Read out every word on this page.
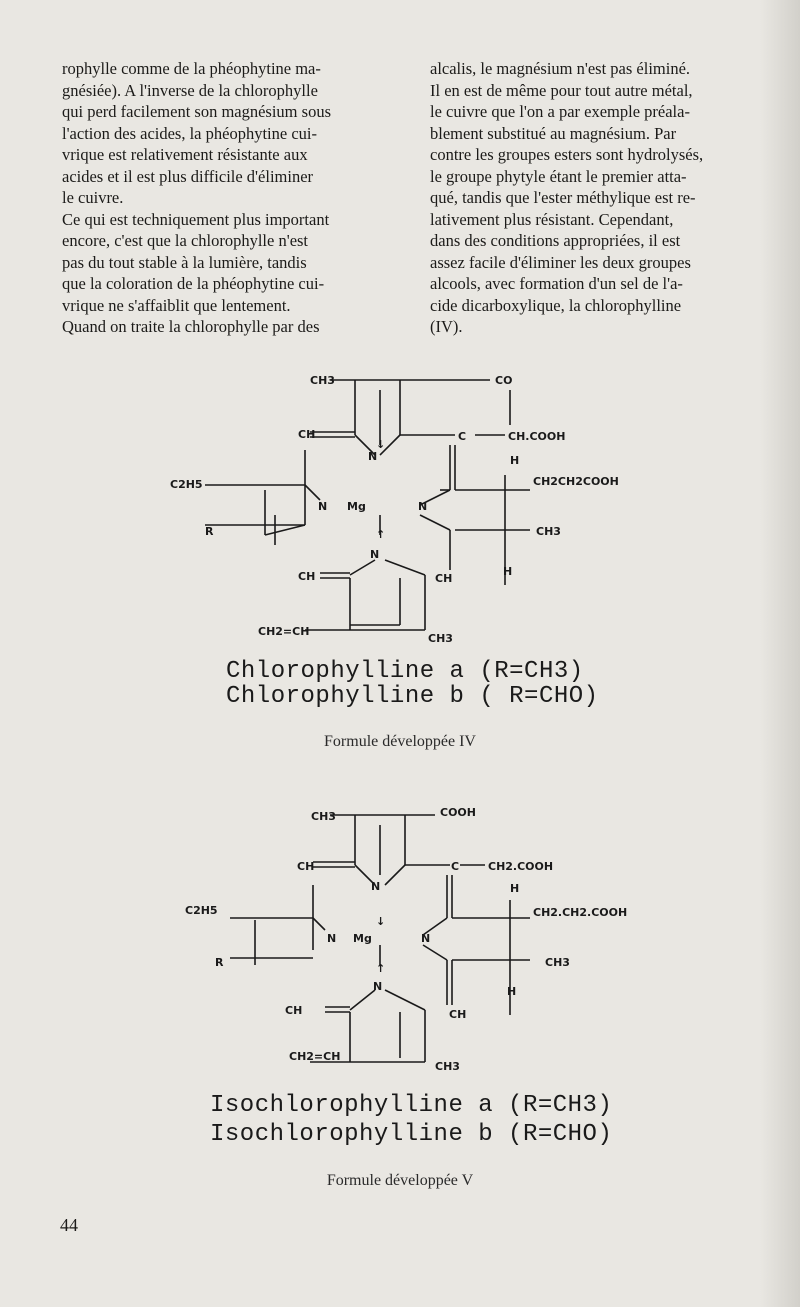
rophylle comme de la phéophytine ma-

gnésiée). A l'inverse de la chlorophylle

qui perd facilement son magnésium sous

l'action des acides, la phéophytine cui-

vrique est relativement résistante aux

acides et il est plus difficile d'éliminer

le cuivre.

Ce qui est techniquement plus important

encore, c'est que la chlorophylle n'est

pas du tout stable à la lumière, tandis

que la coloration de la phéophytine cui-

vrique ne s'affaiblit que lentement.

Quand on traite la chlorophylle par des

alcalis, le magnésium n'est pas éliminé.

Il en est de même pour tout autre métal,

le cuivre que l'on a par exemple préala-

blement substitué au magnésium. Par

contre les groupes esters sont hydrolysés,

le groupe phytyle étant le premier atta-

qué, tandis que l'ester méthylique est re-

lativement plus résistant. Cependant,

dans des conditions appropriées, il est

assez facile d'éliminer les deux groupes

alcools, avec formation d'un sel de l'a-

cide dicarboxylique, la chlorophylline

(IV).

CH3	CO
CH	C	CH.COOH
H
C2H5	CH2CH2COOH
N
N Mg	N
N
R	CH3
H
CH	CH
CH2=CH
CH3
↓
↑
Chlorophylline a (R=CH3)
Chlorophylline b ( R=CHO)
Formule développée IV
CH3	COOH
CH	C	CH2.COOH
H
C2H5	CH2.CH2.COOH
N
N Mg	N
N
R	CH3
H
CH	CH
CH2=CH
CH3
↓
↑
Isochlorophylline a (R=CH3)
Isochlorophylline b (R=CHO)
Formule développée V
44
